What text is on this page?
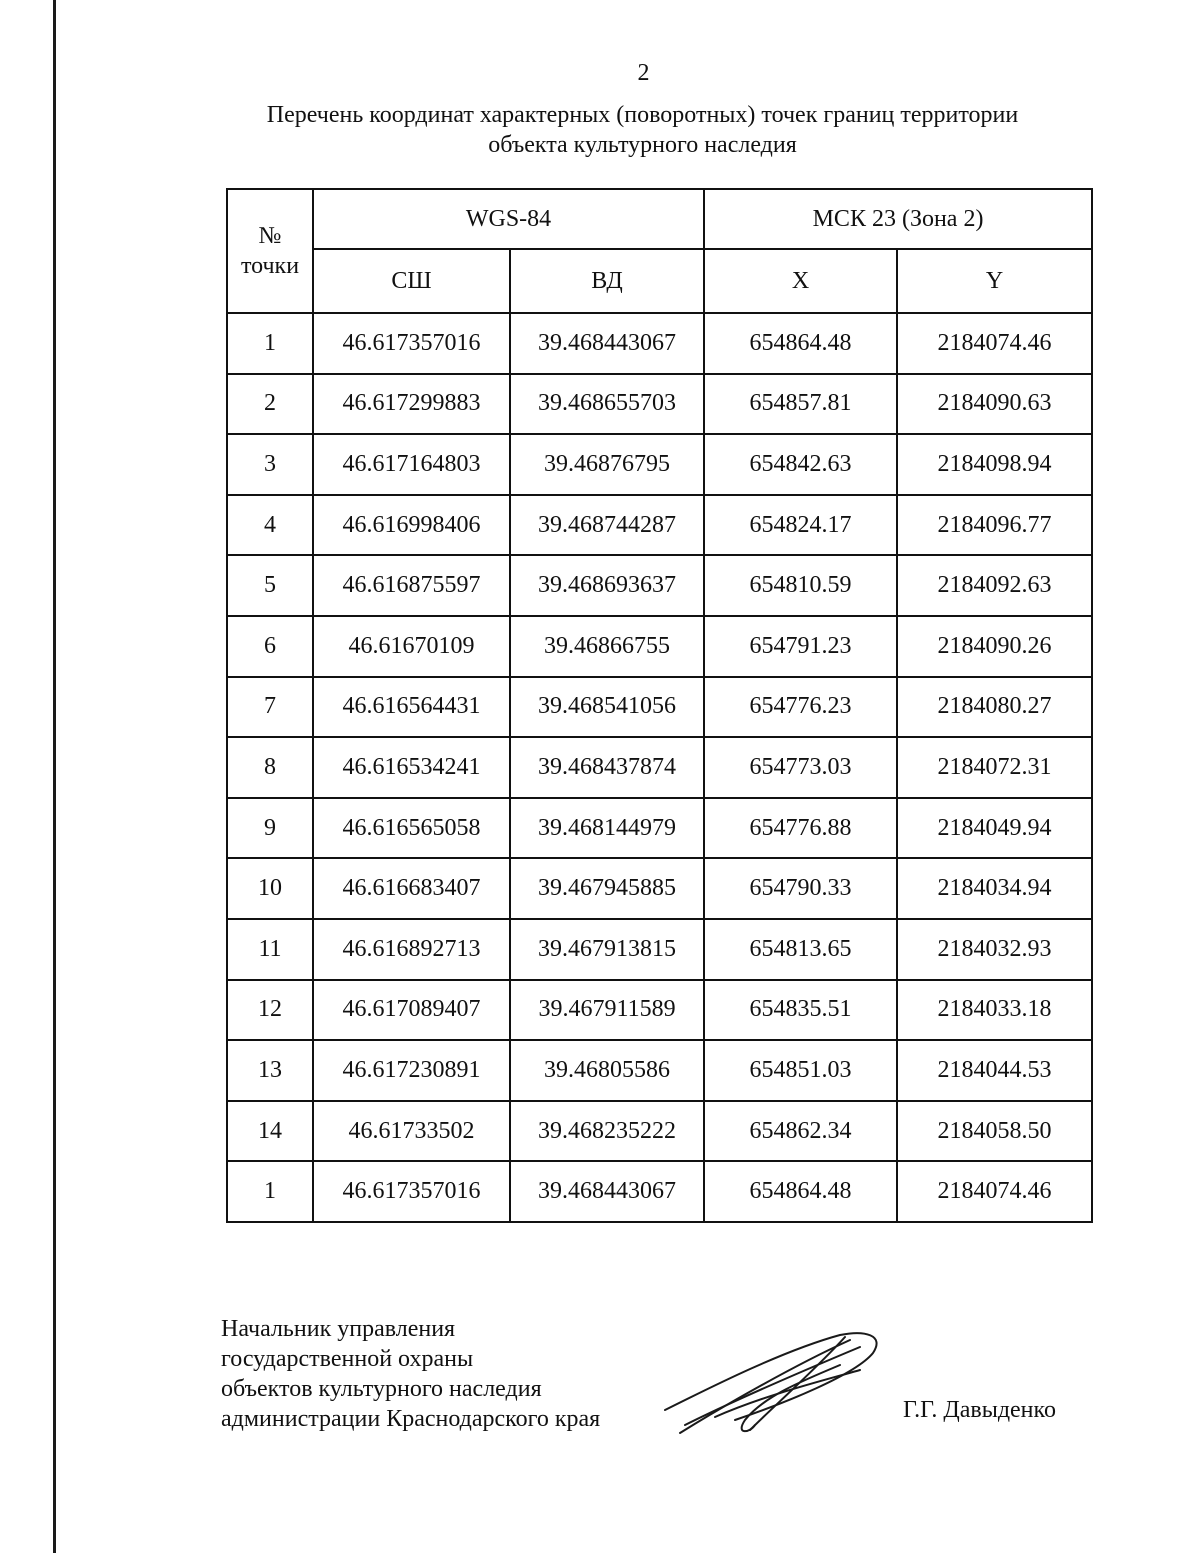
2
Перечень координат характерных (поворотных) точек границ территории
объекта культурного наследия
№
точки	WGS-84		МСК 23 (Зона 2)	
	СШ	ВД	X	Y
1	46.617357016	39.468443067	654864.48	2184074.46
2	46.617299883	39.468655703	654857.81	2184090.63
3	46.617164803	39.46876795	654842.63	2184098.94
4	46.616998406	39.468744287	654824.17	2184096.77
5	46.616875597	39.468693637	654810.59	2184092.63
6	46.61670109	39.46866755	654791.23	2184090.26
7	46.616564431	39.468541056	654776.23	2184080.27
8	46.616534241	39.468437874	654773.03	2184072.31
9	46.616565058	39.468144979	654776.88	2184049.94
10	46.616683407	39.467945885	654790.33	2184034.94
11	46.616892713	39.467913815	654813.65	2184032.93
12	46.617089407	39.467911589	654835.51	2184033.18
13	46.617230891	39.46805586	654851.03	2184044.53
14	46.61733502	39.468235222	654862.34	2184058.50
1	46.617357016	39.468443067	654864.48	2184074.46
Начальник управления
государственной охраны
объектов культурного наследия
администрации Краснодарского края	Г.Г. Давыденко
